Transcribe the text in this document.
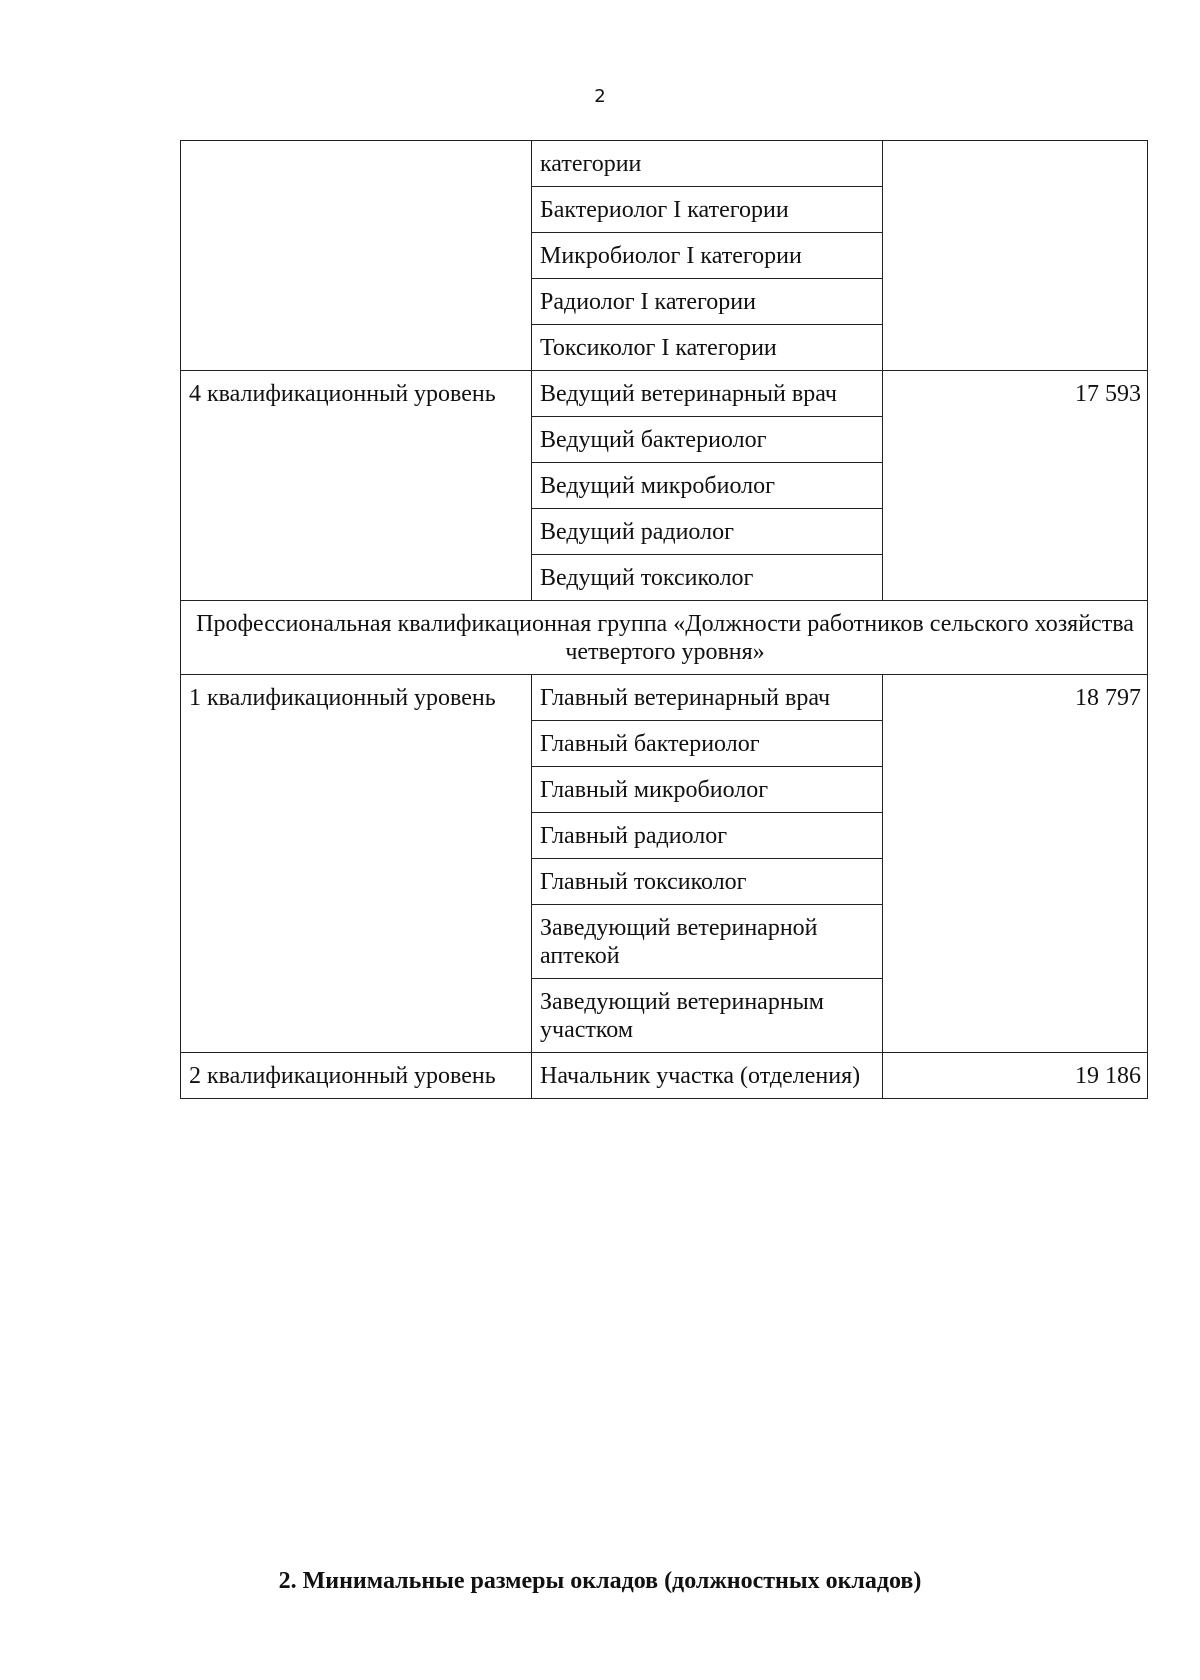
2
	категории	
	Бактериолог I категории	
	Микробиолог I категории	
	Радиолог I категории	
	Токсиколог I категории	
4 квалификационный уровень	Ведущий ветеринарный врач	17 593
	Ведущий бактериолог	
	Ведущий микробиолог	
	Ведущий радиолог	
	Ведущий токсиколог	
Профессиональная квалификационная группа «Должности работников сельского хозяйства четвертого уровня»		
1 квалификационный уровень	Главный ветеринарный врач	18 797
	Главный бактериолог	
	Главный микробиолог	
	Главный радиолог	
	Главный токсиколог	
	Заведующий ветеринарной аптекой	
	Заведующий ветеринарным участком	
2 квалификационный уровень	Начальник участка (отделения)	19 186
2. Минимальные размеры окладов (должностных окладов)
